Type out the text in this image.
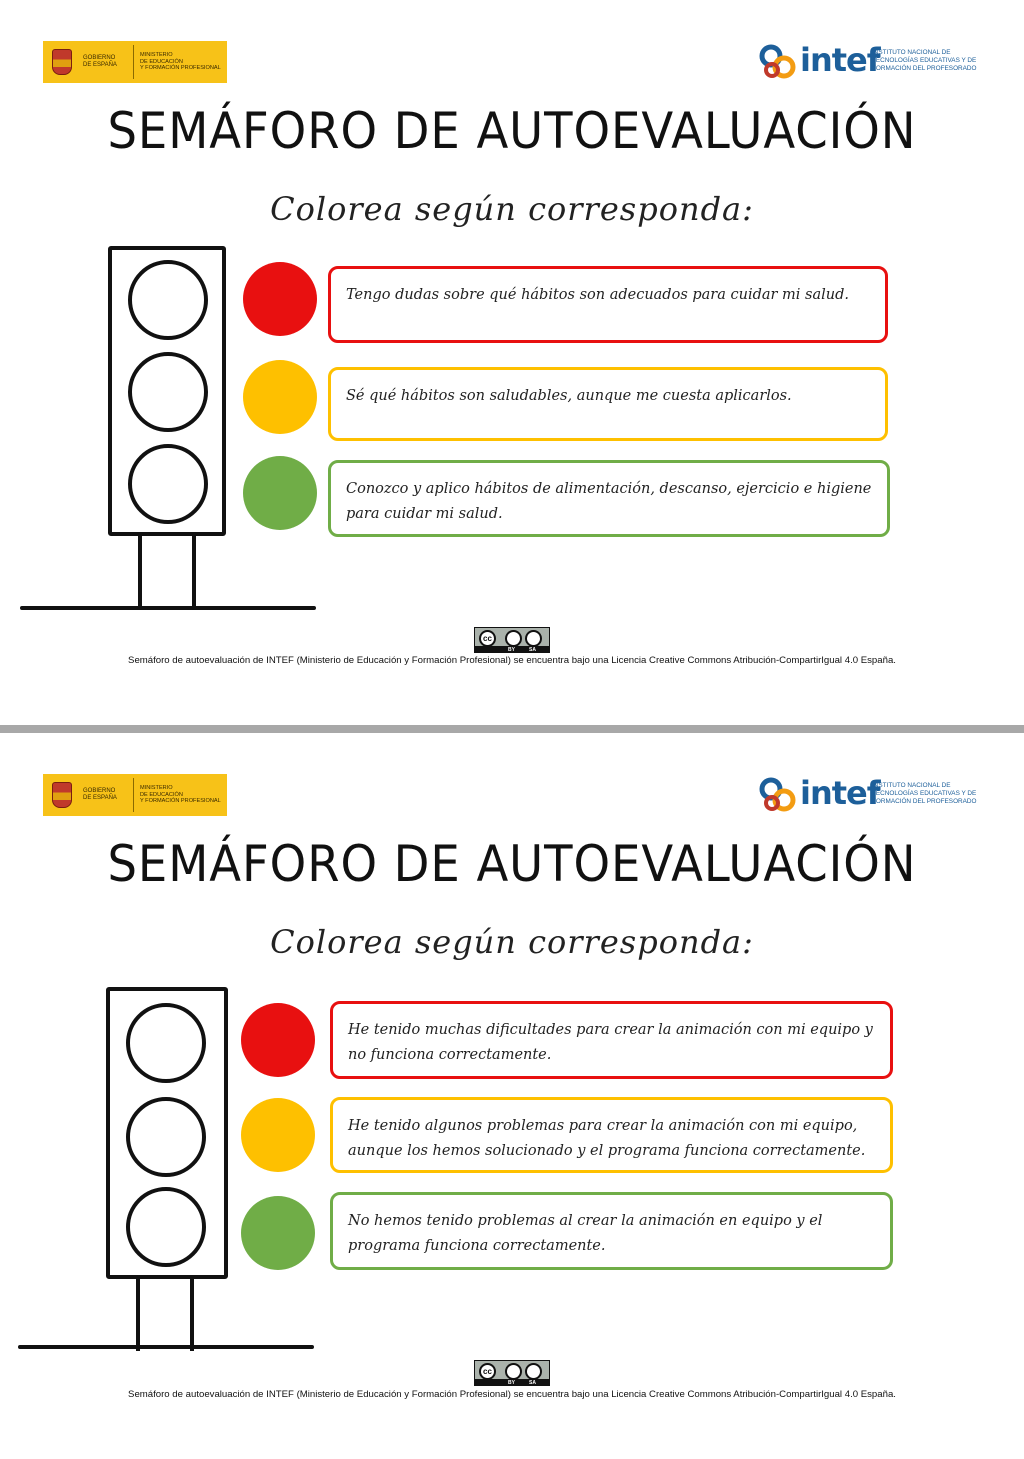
GOBIERNO
DE ESPAÑA
MINISTERIO
DE EDUCACIÓN
Y FORMACIÓN PROFESIONAL	intef
INSTITUTO NACIONAL DE
TECNOLOGÍAS EDUCATIVAS Y DE
FORMACIÓN DEL PROFESORADO
SEMÁFORO DE AUTOEVALUACIÓN
Colorea según corresponda:
Tengo dudas sobre qué hábitos son adecuados para cuidar mi salud.
Sé qué hábitos son saludables, aunque me cuesta aplicarlos.
Conozco y aplico hábitos de alimentación, descanso, ejercicio e higiene para cuidar mi salud.
cc
BY	SA
Semáforo de autoevaluación de INTEF (Ministerio de Educación y Formación Profesional) se encuentra bajo una Licencia Creative Commons Atribución-CompartirIgual 4.0 España.
GOBIERNO
DE ESPAÑA
MINISTERIO
DE EDUCACIÓN
Y FORMACIÓN PROFESIONAL	intef
INSTITUTO NACIONAL DE
TECNOLOGÍAS EDUCATIVAS Y DE
FORMACIÓN DEL PROFESORADO
SEMÁFORO DE AUTOEVALUACIÓN
Colorea según corresponda:
He tenido muchas dificultades para crear la animación con mi equipo y no funciona correctamente.
He tenido algunos problemas para crear la animación con mi equipo, aunque los hemos solucionado y el programa funciona correctamente.
No hemos tenido problemas al crear la animación en equipo y el programa funciona correctamente.
cc
BY	SA
Semáforo de autoevaluación de INTEF (Ministerio de Educación y Formación Profesional) se encuentra bajo una Licencia Creative Commons Atribución-CompartirIgual 4.0 España.
